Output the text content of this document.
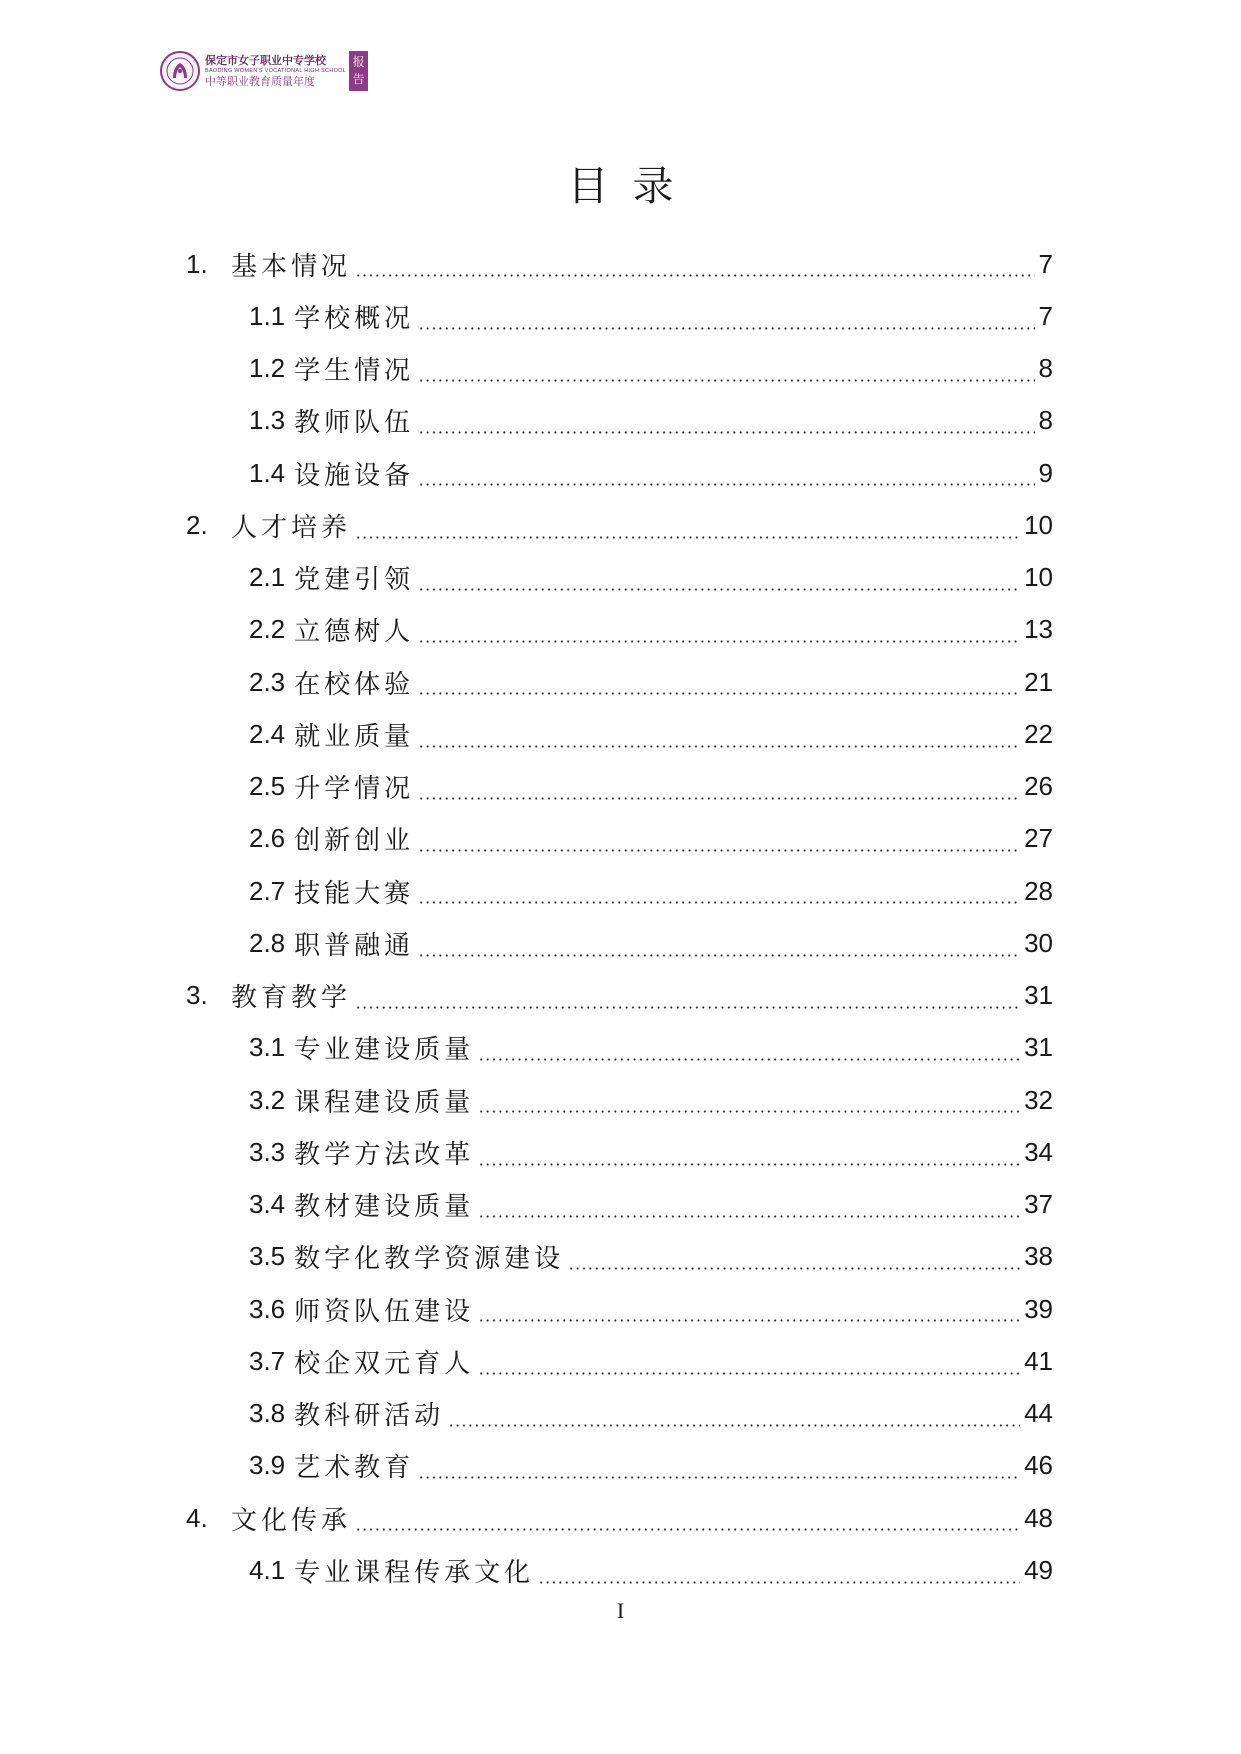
保定市女子职业中专学校
BAODING WOMEN'S VOCATIONAL HIGH SCHOOL
中等职业教育质量年度
报
告
目录
1. 基本情况	7
1.1 学校概况	7
1.2 学生情况	8
1.3 教师队伍	8
1.4 设施设备	9
2. 人才培养	10
2.1 党建引领	10
2.2 立德树人	13
2.3 在校体验	21
2.4 就业质量	22
2.5 升学情况	26
2.6 创新创业	27
2.7 技能大赛	28
2.8 职普融通	30
3. 教育教学	31
3.1 专业建设质量	31
3.2 课程建设质量	32
3.3 教学方法改革	34
3.4 教材建设质量	37
3.5 数字化教学资源建设	38
3.6 师资队伍建设	39
3.7 校企双元育人	41
3.8 教科研活动	44
3.9 艺术教育	46
4. 文化传承	48
4.1 专业课程传承文化	49
I
